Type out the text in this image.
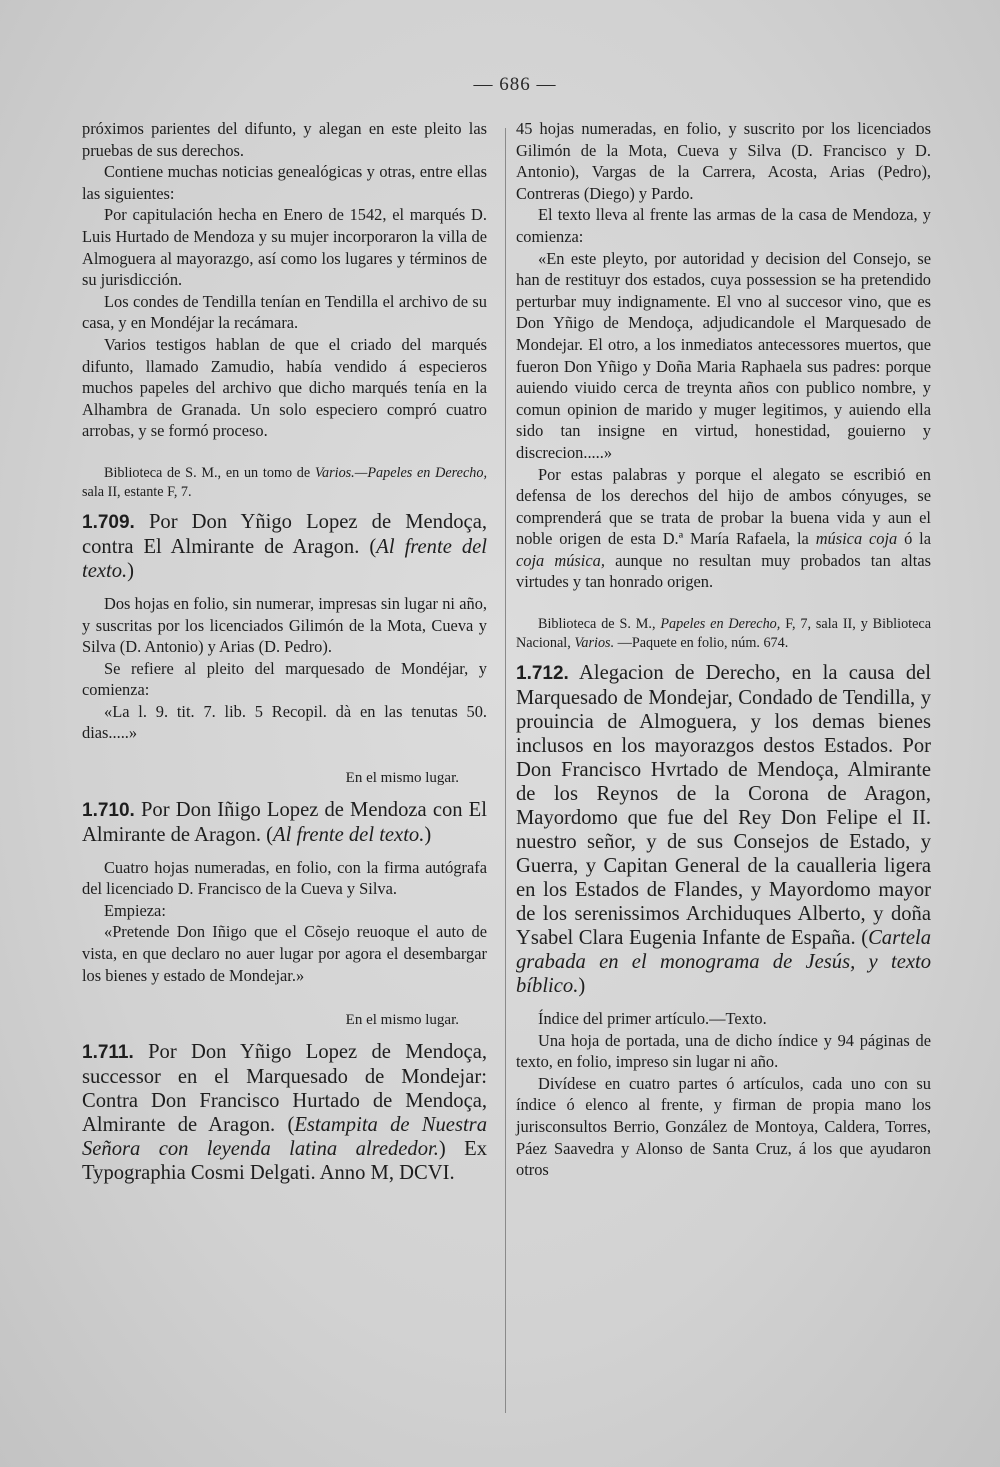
— 686 —

próximos parientes del difunto, y alegan en este pleito las pruebas de sus derechos.

Contiene muchas noticias genealógicas y otras, entre ellas las siguientes:

Por capitulación hecha en Enero de 1542, el marqués D. Luis Hurtado de Mendoza y su mujer incorporaron la villa de Almoguera al mayorazgo, así como los lugares y términos de su jurisdicción.

Los condes de Tendilla tenían en Tendilla el archivo de su casa, y en Mondéjar la recámara.

Varios testigos hablan de que el criado del marqués difunto, llamado Zamudio, había vendido á especieros muchos papeles del archivo que dicho marqués tenía en la Alhambra de Granada. Un solo especiero compró cuatro arrobas, y se formó proceso.

Biblioteca de S. M., en un tomo de Varios.—Papeles en Derecho, sala II, estante F, 7.

1.709. Por Don Yñigo Lopez de Mendoça, contra El Almirante de Aragon. (Al frente del texto.)

Dos hojas en folio, sin numerar, impresas sin lugar ni año, y suscritas por los licenciados Gilimón de la Mota, Cueva y Silva (D. Antonio) y Arias (D. Pedro).

Se refiere al pleito del marquesado de Mondéjar, y comienza:

«La l. 9. tit. 7. lib. 5 Recopil. dà en las tenutas 50. dias.....»

En el mismo lugar.

1.710. Por Don Iñigo Lopez de Mendoza con El Almirante de Aragon. (Al frente del texto.)

Cuatro hojas numeradas, en folio, con la firma autógrafa del licenciado D. Francisco de la Cueva y Silva.

Empieza:

«Pretende Don Iñigo que el Cõsejo reuoque el auto de vista, en que declaro no auer lugar por agora el desembargar los bienes y estado de Mondejar.»

En el mismo lugar.

1.711. Por Don Yñigo Lopez de Mendoça, successor en el Marquesado de Mondejar: Contra Don Francisco Hurtado de Mendoça, Almirante de Aragon. (Estampita de Nuestra Señora con leyenda latina alrededor.) Ex Typographia Cosmi Delgati. Anno M, DCVI.

45 hojas numeradas, en folio, y suscrito por los licenciados Gilimón de la Mota, Cueva y Silva (D. Francisco y D. Antonio), Vargas de la Carrera, Acosta, Arias (Pedro), Contreras (Diego) y Pardo.

El texto lleva al frente las armas de la casa de Mendoza, y comienza:

«En este pleyto, por autoridad y decision del Consejo, se han de restituyr dos estados, cuya possession se ha pretendido perturbar muy indignamente. El vno al succesor vino, que es Don Yñigo de Mendoça, adjudicandole el Marquesado de Mondejar. El otro, a los inmediatos antecessores muertos, que fueron Don Yñigo y Doña Maria Raphaela sus padres: porque auiendo viuido cerca de treynta años con publico nombre, y comun opinion de marido y muger legitimos, y auiendo ella sido tan insigne en virtud, honestidad, gouierno y discrecion.....»

Por estas palabras y porque el alegato se escribió en defensa de los derechos del hijo de ambos cónyuges, se comprenderá que se trata de probar la buena vida y aun el noble origen de esta D.ª María Rafaela, la música coja ó la coja música, aunque no resultan muy probados tan altas virtudes y tan honrado origen.

Biblioteca de S. M., Papeles en Derecho, F, 7, sala II, y Biblioteca Nacional, Varios. —Paquete en folio, núm. 674.

1.712. Alegacion de Derecho, en la causa del Marquesado de Mondejar, Condado de Tendilla, y prouincia de Almoguera, y los demas bienes inclusos en los mayorazgos destos Estados. Por Don Francisco Hvrtado de Mendoça, Almirante de los Reynos de la Corona de Aragon, Mayordomo que fue del Rey Don Felipe el II. nuestro señor, y de sus Consejos de Estado, y Guerra, y Capitan General de la caualleria ligera en los Estados de Flandes, y Mayordomo mayor de los serenissimos Archiduques Alberto, y doña Ysabel Clara Eugenia Infante de España. (Cartela grabada en el monograma de Jesús, y texto bíblico.)

Índice del primer artículo.—Texto.

Una hoja de portada, una de dicho índice y 94 páginas de texto, en folio, impreso sin lugar ni año.

Divídese en cuatro partes ó artículos, cada uno con su índice ó elenco al frente, y firman de propia mano los jurisconsultos Berrio, González de Montoya, Caldera, Torres, Páez Saavedra y Alonso de Santa Cruz, á los que ayudaron otros
